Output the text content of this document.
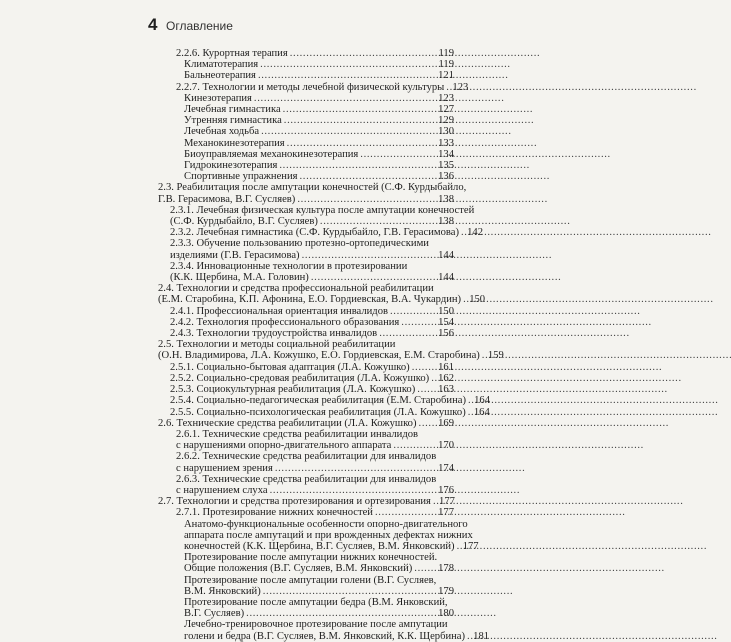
4 Оглавление
2.2.6. Курортная терапия . . .	119
Климатотерапия . . .	119
Бальнеотерапия . . .	121
2.2.7. Технологии и методы лечебной физической культуры . . . 123
Кинезотерапия . . .	123
Лечебная гимнастика . . .	127
Утренняя гимнастика . . .	129
Лечебная ходьба . . .	130
Механокинезотерапия . . .	133
Биоуправляемая механокинезотерапия . . .	134
Гидрокинезотерапия . . .	135
Спортивные упражнения . . .	136
2.3. Реабилитация после ампутации конечностей (С.Ф. Курдыбайло,
Г.В. Герасимова, В.Г. Сусляев) . . .	138
2.3.1. Лечебная физическая культура после ампутации конечностей
(С.Ф. Курдыбайло, В.Г. Сусляев) . . .	138
2.3.2. Лечебная гимнастика (С.Ф. Курдыбайло, Г.В. Герасимова) . . . 142
2.3.3. Обучение пользованию протезно-ортопедическими
изделиями (Г.В. Герасимова) . . .	144
2.3.4. Инновационные технологии в протезировании
(К.К. Щербина, М.А. Головин) . . .	144
2.4. Технологии и средства профессиональной реабилитации
(Е.М. Старобина, К.П. Афонина, Е.О. Гордиевская, В.А. Чукардин) . . . 150
2.4.1. Профессиональная ориентация инвалидов . . .	150
2.4.2. Технология профессионального образования . . .	154
2.4.3. Технологии трудоустройства инвалидов . . .	156
2.5. Технологии и методы социальной реабилитации
(О.Н. Владимирова, Л.А. Кожушко, Е.О. Гордиевская, Е.М. Старобина) . . . 159
2.5.1. Социально-бытовая адаптация (Л.А. Кожушко) . . .	161
2.5.2. Социально-средовая реабилитация (Л.А. Кожушко) . . . 162
2.5.3. Социокультурная реабилитация (Л.А. Кожушко) . . . 163
2.5.4. Социально-педагогическая реабилитация (Е.М. Старобина) . . . 164
2.5.5. Социально-психологическая реабилитация (Л.А. Кожушко) . . . 164
2.6. Технические средства реабилитации (Л.А. Кожушко) . . . 169
2.6.1. Технические средства реабилитации инвалидов
с нарушениями опорно-двигательного аппарата . . .	170
2.6.2. Технические средства реабилитации для инвалидов
с нарушением зрения . . .	174
2.6.3. Технические средства реабилитации для инвалидов
с нарушением слуха . . .	176
2.7. Технологии и средства протезирования и ортезирования . . . 177
2.7.1. Протезирование нижних конечностей . . .	177
Анатомо-функциональные особенности опорно-двигательного
аппарата после ампутаций и при врожденных дефектах нижних
конечностей (К.К. Щербина, В.Г. Сусляев, В.М. Янковский) . . . 177
Протезирование после ампутации нижних конечностей.
Общие положения (В.Г. Сусляев, В.М. Янковский) . . . 178
Протезирование после ампутации голени (В.Г. Сусляев,
В.М. Янковский) . . .	179
Протезирование после ампутации бедра (В.М. Янковский,
В.Г. Сусляев) . . .	180
Лечебно-тренировочное протезирование после ампутации
голени и бедра (В.Г. Сусляев, В.М. Янковский, К.К. Щербина) . . . 181
